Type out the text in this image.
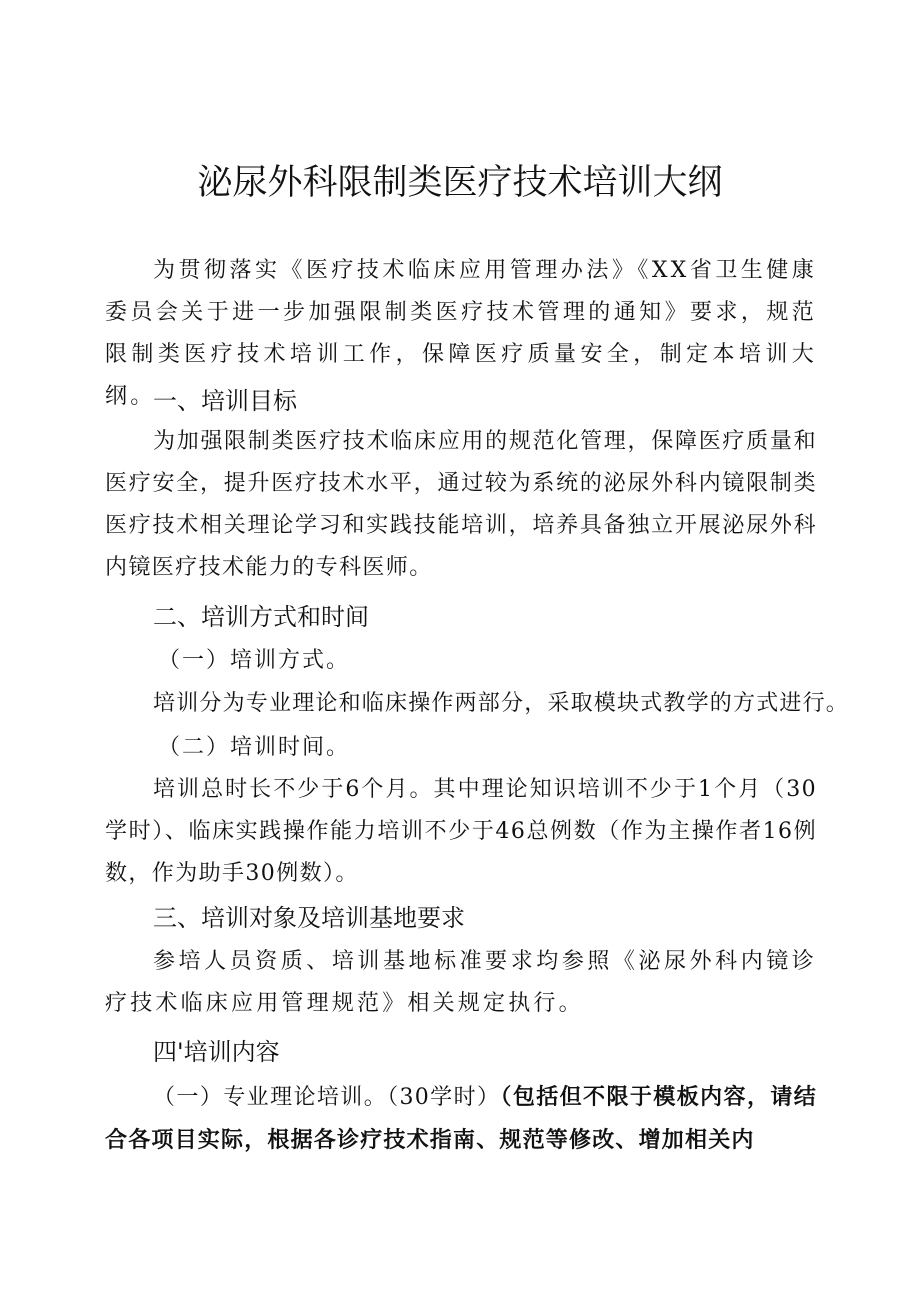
泌尿外科限制类医疗技术培训大纲
为贯彻落实《医疗技术临床应用管理办法》《XX省卫生健康委员会关于进一步加强限制类医疗技术管理的通知》要求，规范限制类医疗技术培训工作，保障医疗质量安全，制定本培训大纲。
一、培训目标
为加强限制类医疗技术临床应用的规范化管理，保障医疗质量和医疗安全，提升医疗技术水平，通过较为系统的泌尿外科内镜限制类医疗技术相关理论学习和实践技能培训，培养具备独立开展泌尿外科内镜医疗技术能力的专科医师。
二、培训方式和时间
（一）培训方式。
培训分为专业理论和临床操作两部分，采取模块式教学的方式进行。
（二）培训时间。
培训总时长不少于6个月。其中理论知识培训不少于1个月（30学时）、临床实践操作能力培训不少于46总例数（作为主操作者16例数，作为助手30例数）。
三、培训对象及培训基地要求
参培人员资质、培训基地标准要求均参照《泌尿外科内镜诊疗技术临床应用管理规范》相关规定执行。
四'培训内容
（一）专业理论培训。（30学时）（包括但不限于模板内容，请结合各项目实际，根据各诊疗技术指南、规范等修改、增加相关内
